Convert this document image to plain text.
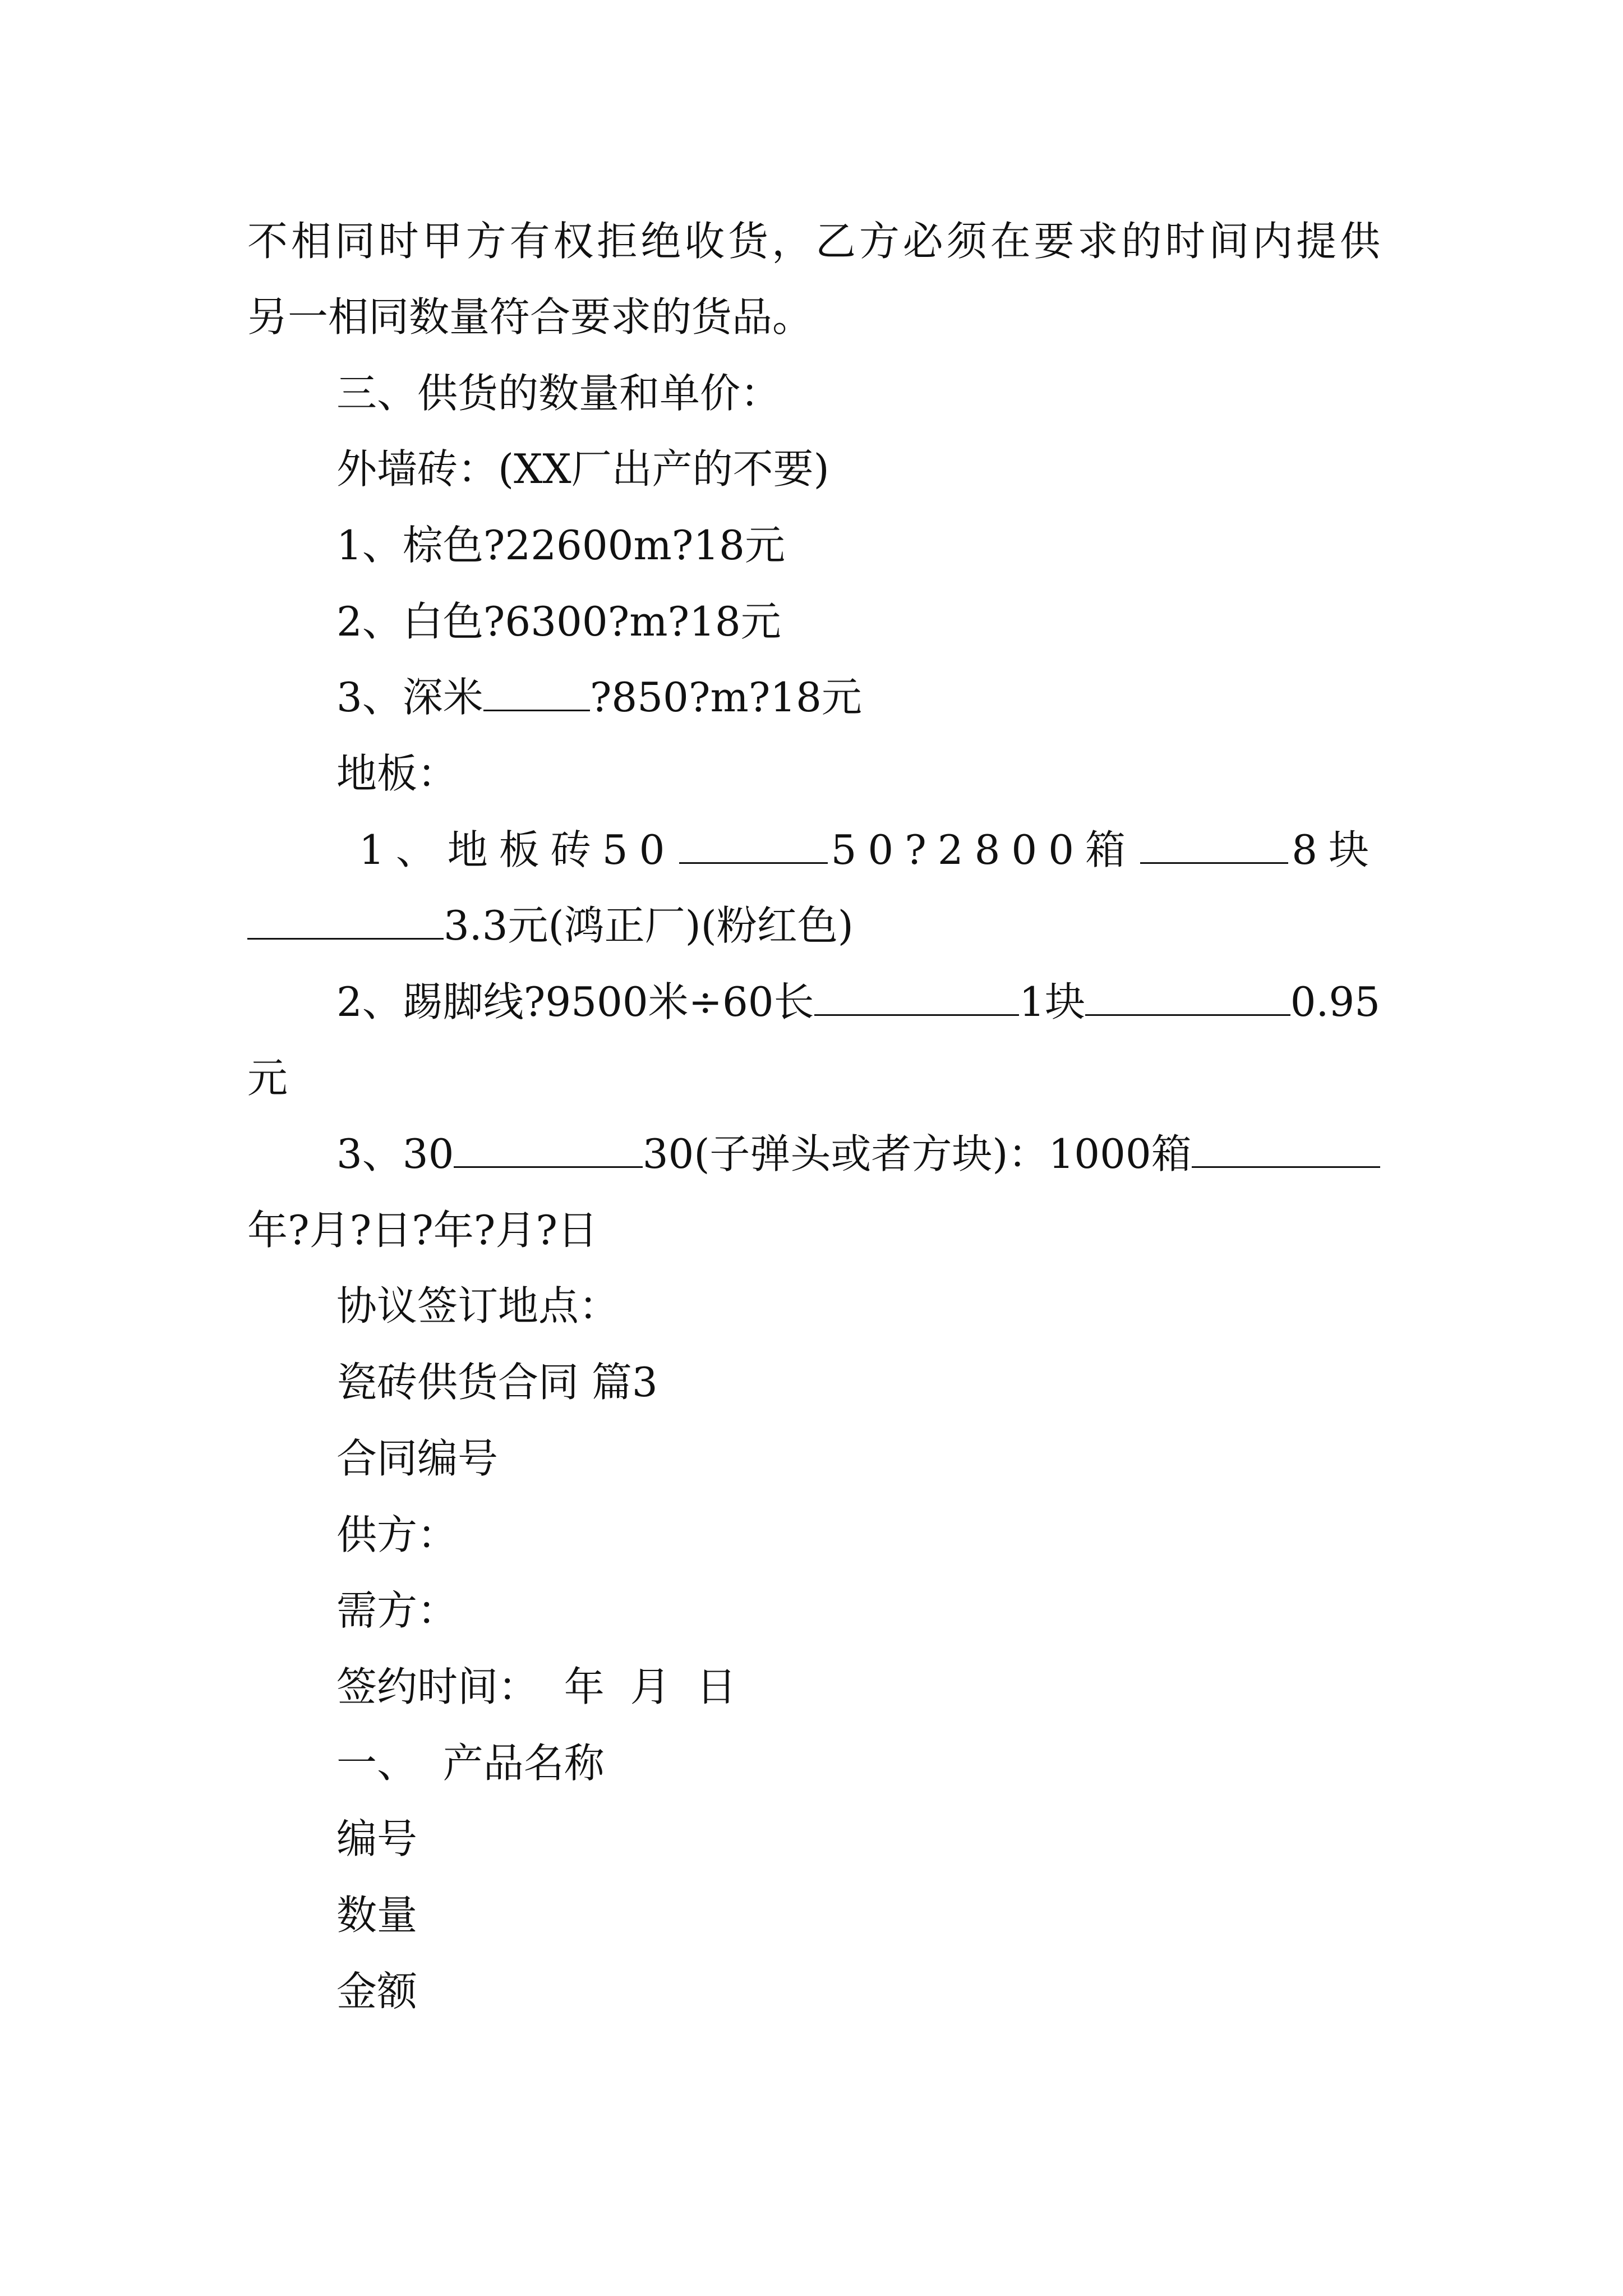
不相同时甲方有权拒绝收货，乙方必须在要求的时间内提供

另一相同数量符合要求的货品。

三、供货的数量和单价：

外墙砖：(XX厂出产的不要)

1、棕色?22600m?18元

2、白色?6300?m?18元

3、深米	?850?m?18元

地板：

1、地板砖50	50?2800箱	8块

3.3元(鸿正厂)(粉红色)

2、踢脚线?9500米÷60长	1块	0.95

元

3、30	30(子弹头或者方块)：1000箱

年?月?日?年?月?日

协议签订地点：

瓷砖供货合同 篇3

合同编号

供方：

需方：

签约时间：  年  月  日

一、  产品名称

编号

数量

金额
